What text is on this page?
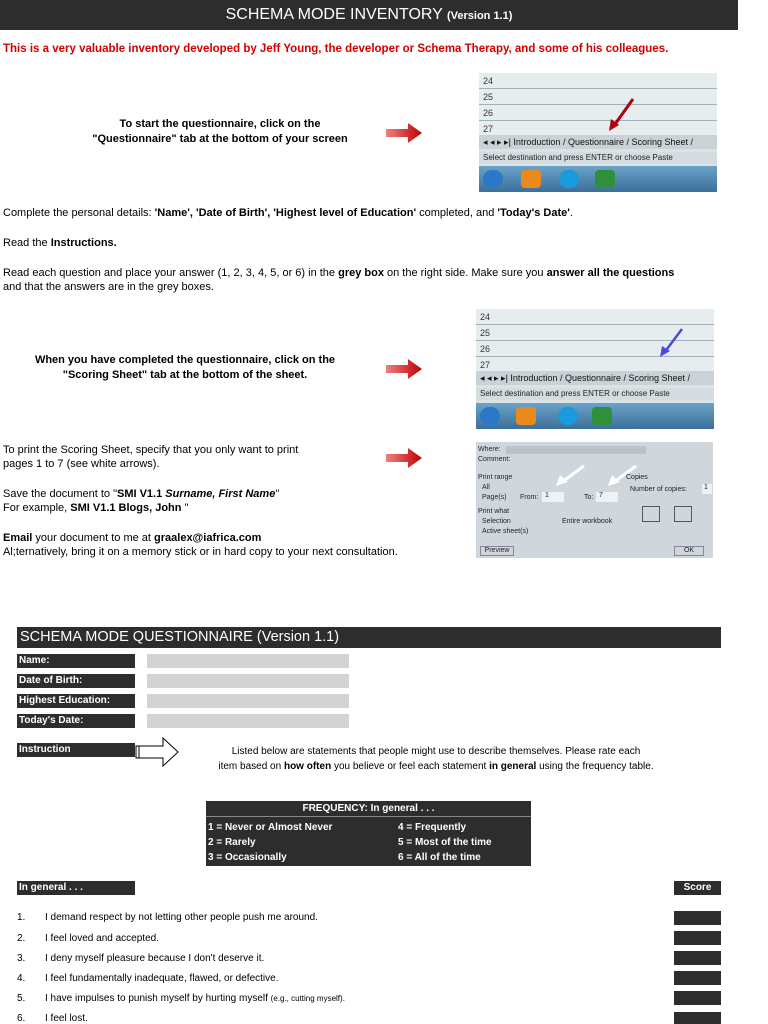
SCHEMA MODE INVENTORY (Version 1.1)
This is a very valuable inventory developed by Jeff Young, the developer or Schema Therapy, and some of his colleagues.
To start the questionnaire, click on the
"Questionnaire" tab at the bottom of your screen
24
25
26
27
◂ ◂ ▸ ▸| Introduction / Questionnaire / Scoring Sheet /
Select destination and press ENTER or choose Paste
Complete the personal details: 'Name', 'Date of Birth', 'Highest level of Education' completed, and 'Today's Date'.
Read the Instructions.
Read each question and place your answer (1, 2, 3, 4, 5, or 6) in the grey box on the right side. Make sure you answer all the questions
and that the answers are in the grey boxes.
When you have completed the questionnaire, click on the
"Scoring Sheet" tab at the bottom of the sheet.
24
25
26
27
◂ ◂ ▸ ▸| Introduction / Questionnaire / Scoring Sheet /
Select destination and press ENTER or choose Paste
To print the Scoring Sheet, specify that you only want to print
pages 1 to 7 (see white arrows).
Where:
Comment:
Print range
All
Page(s) From: 1	To: 7
Print what
Selection	Entire workbook
Active sheet(s)
Copies
Number of copies: 1
Preview	OK
Save the document to "SMI V1.1 Surname, First Name"
For example, SMI V1.1 Blogs, John "
Email your document to me at graalex@iafrica.com
Al;ternatively, bring it on a memory stick or in hard copy to your next consultation.
SCHEMA MODE QUESTIONNAIRE (Version 1.1)
Name:
Date of Birth:
Highest Education:
Today's Date:
Instruction	Listed below are statements that people might use to describe themselves. Please rate each
item based on how often you believe or feel each statement in general using the frequency table.
FREQUENCY: In general . . .
1 = Never or Almost Never
2 = Rarely
3 = Occasionally
4 = Frequently
5 = Most of the time
6 = All of the time
In general . . .	Score
1. I demand respect by not letting other people push me around.
2. I feel loved and accepted.
3. I deny myself pleasure because I don't deserve it.
4. I feel fundamentally inadequate, flawed, or defective.
5. I have impulses to punish myself by hurting myself (e.g., cutting myself).
6. I feel lost.
